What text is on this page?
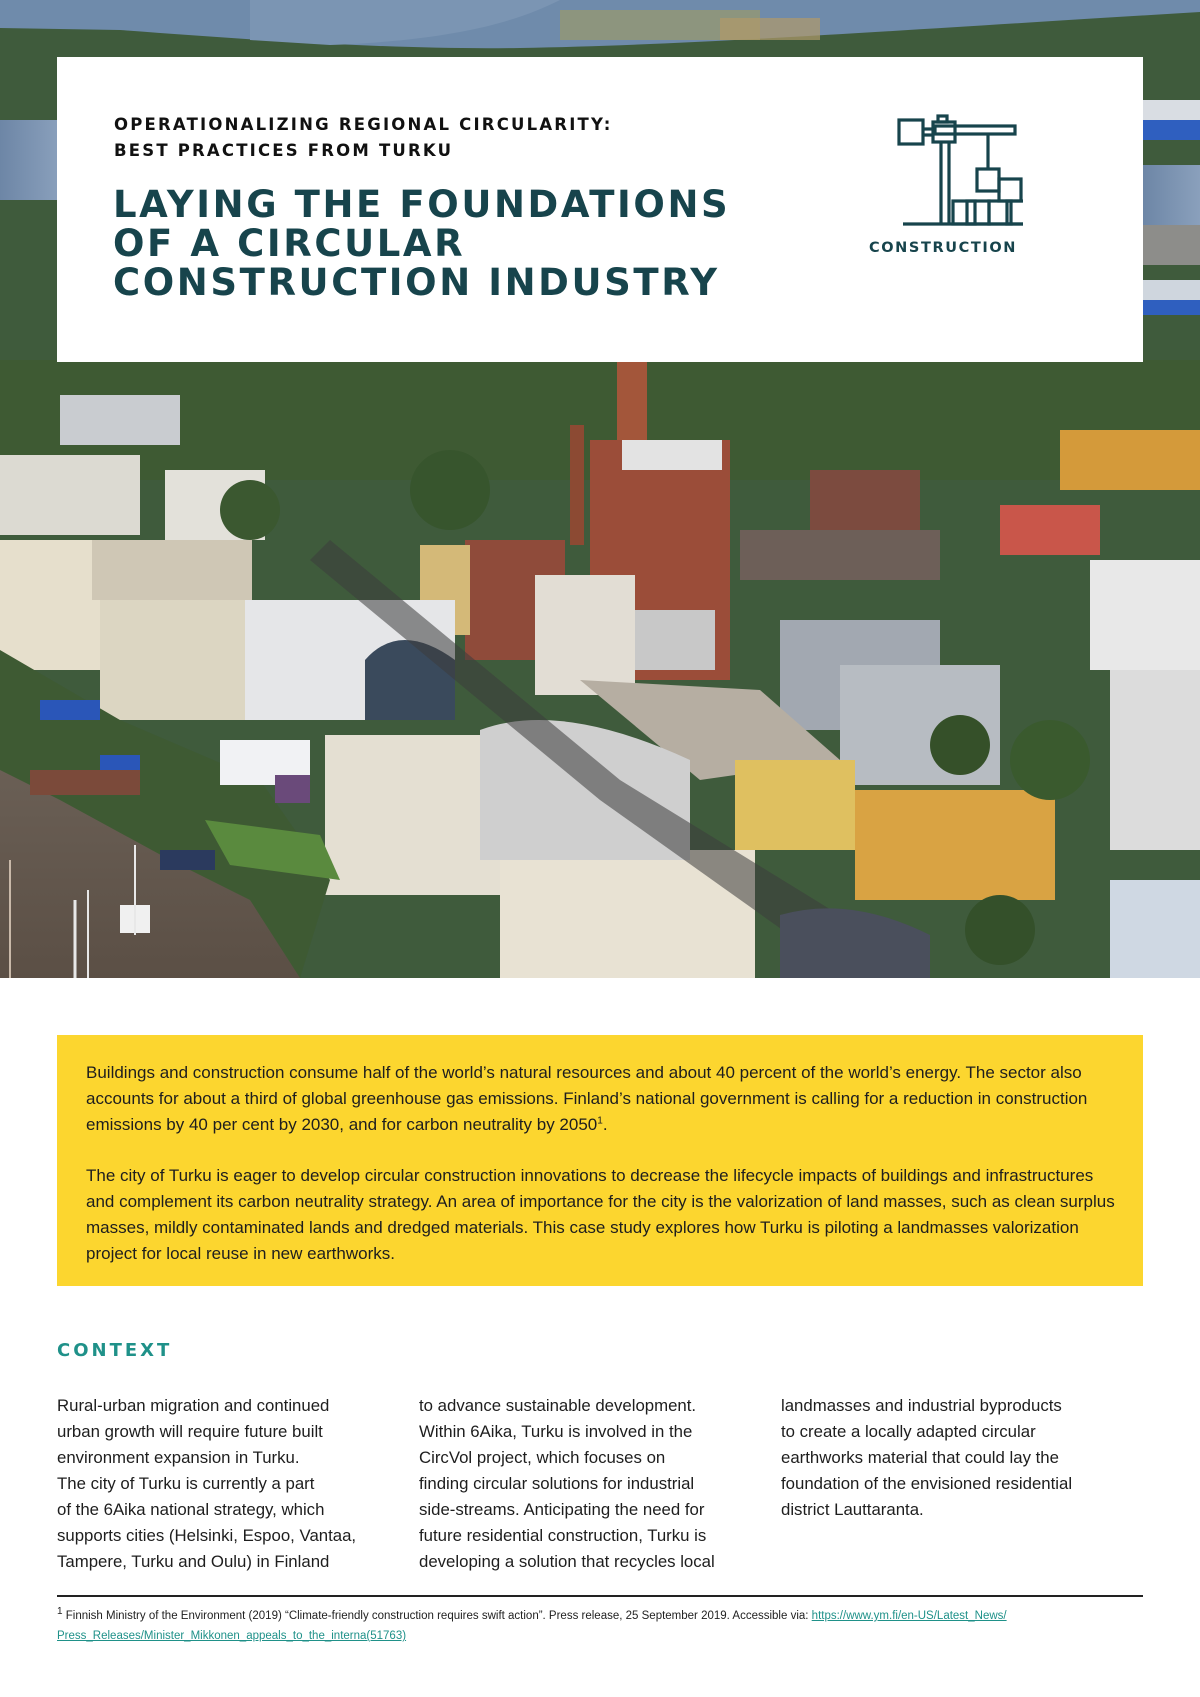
OPERATIONALIZING REGIONAL CIRCULARITY:
BEST PRACTICES FROM TURKU
LAYING THE FOUNDATIONS
OF A CIRCULAR
CONSTRUCTION INDUSTRY
CONSTRUCTION

Buildings and construction consume half of the world’s natural resources and about 40 percent of the world’s energy. The sector also accounts for about a third of global greenhouse gas emissions. Finland’s national government is calling for a reduction in construction emissions by 40 per cent by 2030, and for carbon neutrality by 2050$^1$.

The city of Turku is eager to develop circular construction innovations to decrease the lifecycle impacts of buildings and infrastructures and complement its carbon neutrality strategy. An area of importance for the city is the valorization of land masses, such as clean surplus masses, mildly contaminated lands and dredged materials. This case study explores how Turku is piloting a landmasses valorization project for local reuse in new earthworks.

CONTEXT
Rural-urban migration and continued
urban growth will require future built
environment expansion in Turku.
The city of Turku is currently a part
of the 6Aika national strategy, which
supports cities (Helsinki, Espoo, Vantaa,
Tampere, Turku and Oulu) in Finland
to advance sustainable development.
Within 6Aika, Turku is involved in the
CircVol project, which focuses on
finding circular solutions for industrial
side-streams. Anticipating the need for
future residential construction, Turku is
developing a solution that recycles local
landmasses and industrial byproducts
to create a locally adapted circular
earthworks material that could lay the
foundation of the envisioned residential
district Lauttaranta.
$^1$ Finnish Ministry of the Environment (2019) “Climate-friendly construction requires swift action”. Press release, 25 September 2019. Accessible via: https://www.ym.fi/en-US/Latest_News/
Press_Releases/Minister_Mikkonen_appeals_to_the_interna(51763)
